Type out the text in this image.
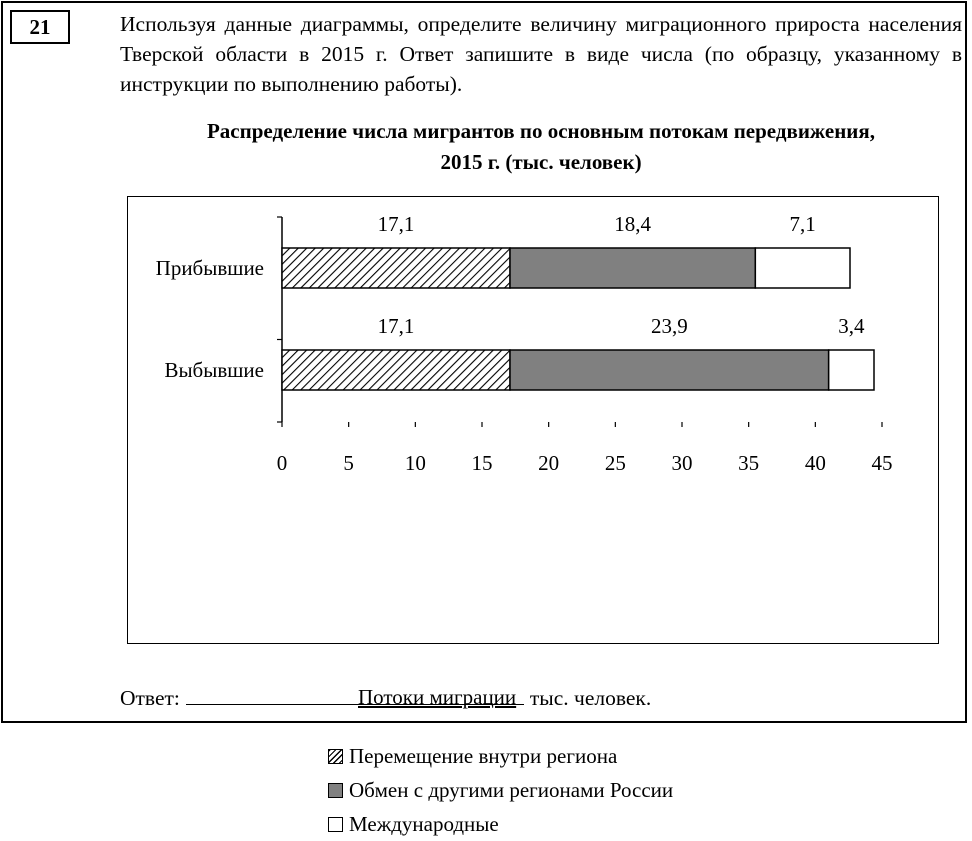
21	Используя данные диаграммы, определите величину миграционного прироста населения Тверской области в 2015 г. Ответ запишите в виде числа (по образцу, указанному в инструкции по выполнению работы).

Распределение числа мигрантов по основным потокам передвижения,
2015 г. (тыс. человек)
0	5 10 15 20 25 30 35 40 45
Прибывшие
Выбывшие
17,1	18,4	7,1
17,1	23,9	3,4
Потоки миграции
Перемещение внутри региона
Обмен с другими регионами России
Международные
Ответ:	тыс. человек.
